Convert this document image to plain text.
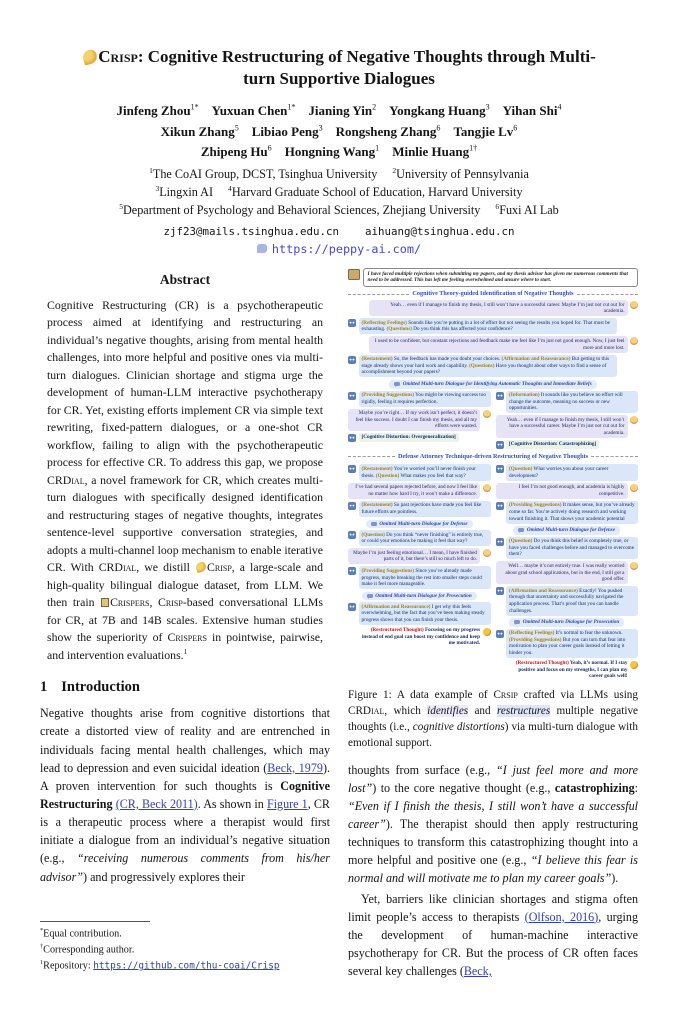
Crisp: Cognitive Restructuring of Negative Thoughts through Multi-turn Supportive Dialogues
Jinfeng Zhou$^{1*}$ Yuxuan Chen$^{1*}$ Jianing Yin$^2$ Yongkang Huang$^3$ Yihan Shi$^4$
Xikun Zhang$^5$ Libiao Peng$^3$ Rongsheng Zhang$^6$ Tangjie Lv$^6$
Zhipeng Hu$^6$ Hongning Wang$^1$ Minlie Huang$^{1\dagger}$
$^1$The CoAI Group, DCST, Tsinghua University $^2$University of Pennsylvania
$^3$Lingxin AI $^4$Harvard Graduate School of Education, Harvard University
$^5$Department of Psychology and Behavioral Sciences, Zhejiang University $^6$Fuxi AI Lab
zjf23@mails.tsinghua.edu.cn aihuang@tsinghua.edu.cn
https://peppy-ai.com/
Abstract
Cognitive Restructuring (CR) is a psychotherapeutic process aimed at identifying and restructuring an individual’s negative thoughts, arising from mental health challenges, into more helpful and positive ones via multi-turn dialogues. Clinician shortage and stigma urge the development of human-LLM interactive psychotherapy for CR. Yet, existing efforts implement CR via simple text rewriting, fixed-pattern dialogues, or a one-shot CR workflow, failing to align with the psychotherapeutic process for effective CR. To address this gap, we propose CRDial, a novel framework for CR, which creates multi-turn dialogues with specifically designed identification and restructuring stages of negative thoughts, integrates sentence-level supportive conversation strategies, and adopts a multi-channel loop mechanism to enable iterative CR. With CRDial, we distill Crisp, a large-scale and high-quality bilingual dialogue dataset, from LLM. We then train Crispers, Crisp-based conversational LLMs for CR, at 7B and 14B scales. Extensive human studies show the superiority of Crispers in pointwise, pairwise, and intervention evaluations.$^1$
1 Introduction
Negative thoughts arise from cognitive distortions that create a distorted view of reality and are entrenched in individuals facing mental health challenges, which may lead to depression and even suicidal ideation (Beck, 1979). A proven intervention for such thoughts is Cognitive Restructuring (CR, Beck 2011). As shown in Figure 1, CR is a therapeutic process where a therapist would first initiate a dialogue from an individual’s negative situation (e.g., “receiving numerous comments from his/her advisor”) and progressively explores their
*Equal contribution.
†Corresponding author.
$^1$Repository: https://github.com/thu-coai/Crisp
I have faced multiple rejections when submitting my papers, and my thesis advisor has given me numerous comments that need to be addressed. This has left me feeling overwhelmed and unsure where to start.
Cognitive Theory-guided Identification of Negative Thoughts
Yeah… even if I manage to finish my thesis, I still won’t have a successful career. Maybe I’m just not cut out for academia.
(Reflecting Feelings) Sounds like you’re putting in a lot of effort but not seeing the results you hoped for. That must be exhausting. (Questions) Do you think this has affected your confidence?
I used to be confident, but constant rejections and feedback make me feel like I’m just not good enough. Now, I just feel more and more lost.
(Restatement) So, the feedback has made you doubt your choices. (Affirmation and Reassurance) But getting to this stage already shows your hard work and capability. (Questions) Have you thought about other ways to find a sense of accomplishment beyond your papers?
Omitted Multi-turn Dialogue for Identifying Automatic Thoughts and Immediate Beliefs
(Providing Suggestions) You might be viewing success too rigidly, feeling it requires perfection.
Maybe you’re right… If my work isn’t perfect, it doesn’t feel like success. I doubt I can finish my thesis, and all my efforts were wasted.
[Cognitive Distortion: Overgeneralization]
(Information) It sounds like you believe no effort will change the outcome, meaning no success or new opportunities.
Yeah… even if I manage to finish my thesis, I still won’t have a successful career. Maybe I’m just not cut out for academia.
[Cognitive Distortion: Catastrophizing]
Defense Attorney Technique-driven Restructuring of Negative Thoughts
(Restatement) You’re worried you’ll never finish your thesis. (Question) What makes you feel that way?
I’ve had several papers rejected before, and now I feel like no matter how hard I try, it won’t make a difference.
(Restatement) So past rejections have made you feel like future efforts are pointless.
Omitted Multi-turn Dialogue for Defense
(Question) Do you think “never finishing” is entirely true, or could your emotions be making it feel that way?
Maybe I’m just feeling emotional… I mean, I have finished parts of it, but there’s still so much left to do.
(Providing Suggestions) Since you’ve already made progress, maybe breaking the rest into smaller steps could make it feel more manageable.
Omitted Multi-turn Dialogue for Prosecution
(Affirmation and Reassurance) I get why this feels overwhelming, but the fact that you’ve been making steady progress shows that you can finish your thesis.
(Restructured Thought) Focusing on my progress instead of end goal can boost my confidence and keep me motivated.
(Question) What worries you about your career development?
I feel I’m not good enough, and academia is highly competitive.
(Providing Suggestions) It makes sense, but you’ve already come so far. You’re actively doing research and working toward finishing it. That shows your academic potential
Omitted Multi-turn Dialogue for Defense
(Question) Do you think this belief is completely true, or have you faced challenges before and managed to overcome them?
Well… maybe it’s not entirely true. I was really worried about grad school applications, but in the end, I still got a good offer.
(Affirmation and Reassurance) Exactly! You pushed through that uncertainty and successfully navigated the application process. That’s proof that you can handle challenges.
Omitted Multi-turn Dialogue for Prosecution
(Reflecting Feelings) It’s normal to fear the unknown. (Providing Suggestions) But you can turn that fear into motivation to plan your career goals instead of letting it hinder you.
(Restructured Thought) Yeah, it’s normal. If I stay positive and focus on my strengths, I can plan my career goals well!
Figure 1: A data example of Crsip crafted via LLMs using CRDial, which identifies and restructures multiple negative thoughts (i.e., cognitive distortions) via multi-turn dialogue with emotional support.
thoughts from surface (e.g., “I just feel more and more lost”) to the core negative thought (e.g., catastrophizing: “Even if I finish the thesis, I still won’t have a successful career”). The therapist should then apply restructuring techniques to transform this catastrophizing thought into a more helpful and positive one (e.g., “I believe this fear is normal and will motivate me to plan my career goals”).
Yet, barriers like clinician shortages and stigma often limit people’s access to therapists (Olfson, 2016), urging the development of human-machine interactive psychotherapy for CR. But the process of CR often faces several key challenges (Beck,
